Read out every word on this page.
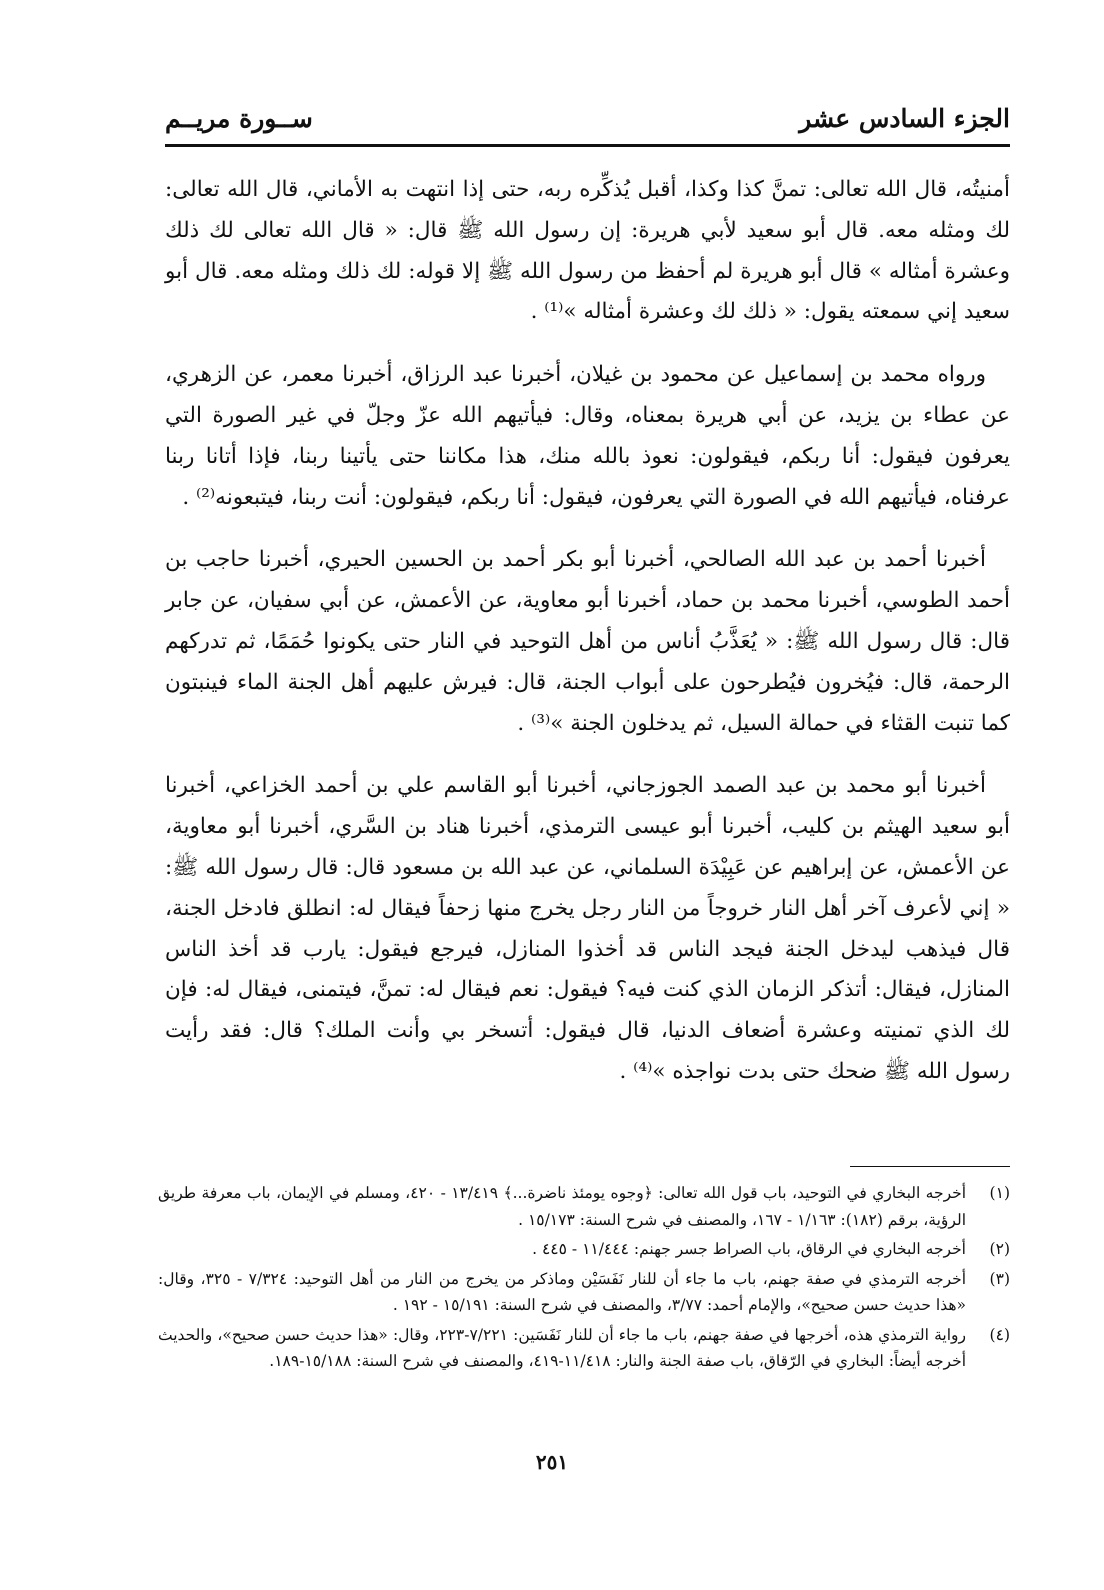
الجزء السادس عشر
ســورة مريــم

أمنيتُه، قال الله تعالى: تمنَّ كذا وكذا، أقبل يُذكِّره ربه، حتى إذا انتهت به الأماني، قال الله تعالى: لك ومثله معه. قال أبو سعيد لأبي هريرة: إن رسول الله ﷺ قال: « قال الله تعالى لك ذلك وعشرة أمثاله » قال أبو هريرة لم أحفظ من رسول الله ﷺ إلا قوله: لك ذلك ومثله معه. قال أبو سعيد إني سمعته يقول: « ذلك لك وعشرة أمثاله »⁽¹⁾ .

ورواه محمد بن إسماعيل عن محمود بن غيلان، أخبرنا عبد الرزاق، أخبرنا معمر، عن الزهري، عن عطاء بن يزيد، عن أبي هريرة بمعناه، وقال: فيأتيهم الله عزّ وجلّ في غير الصورة التي يعرفون فيقول: أنا ربكم، فيقولون: نعوذ بالله منك، هذا مكاننا حتى يأتينا ربنا، فإذا أتانا ربنا عرفناه، فيأتيهم الله في الصورة التي يعرفون، فيقول: أنا ربكم، فيقولون: أنت ربنا، فيتبعونه⁽²⁾ .

أخبرنا أحمد بن عبد الله الصالحي، أخبرنا أبو بكر أحمد بن الحسين الحيري، أخبرنا حاجب بن أحمد الطوسي، أخبرنا محمد بن حماد، أخبرنا أبو معاوية، عن الأعمش، عن أبي سفيان، عن جابر قال: قال رسول الله ﷺ: « يُعَذَّبُ أناس من أهل التوحيد في النار حتى يكونوا حُمَمًا، ثم تدركهم الرحمة، قال: فيُخرون فيُطرحون على أبواب الجنة، قال: فيرش عليهم أهل الجنة الماء فينبتون كما تنبت القثاء في حمالة السيل، ثم يدخلون الجنة »⁽³⁾ .

أخبرنا أبو محمد بن عبد الصمد الجوزجاني، أخبرنا أبو القاسم علي بن أحمد الخزاعي، أخبرنا أبو سعيد الهيثم بن كليب، أخبرنا أبو عيسى الترمذي، أخبرنا هناد بن السَّري، أخبرنا أبو معاوية، عن الأعمش، عن إبراهيم عن عَبِيْدَة السلماني، عن عبد الله بن مسعود قال: قال رسول الله ﷺ: « إني لأعرف آخر أهل النار خروجاً من النار رجل يخرج منها زحفاً فيقال له: انطلق فادخل الجنة، قال فيذهب ليدخل الجنة فيجد الناس قد أخذوا المنازل، فيرجع فيقول: يارب قد أخذ الناس المنازل، فيقال: أتذكر الزمان الذي كنت فيه؟ فيقول: نعم فيقال له: تمنَّ، فيتمنى، فيقال له: فإن لك الذي تمنيته وعشرة أضعاف الدنيا، قال فيقول: أتسخر بي وأنت الملك؟ قال: فقد رأيت رسول الله ﷺ ضحك حتى بدت نواجذه »⁽⁴⁾ .

(١)
أخرجه البخاري في التوحيد، باب قول الله تعالى: ﴿وجوه يومئذ ناضرة...﴾ ١٣/٤١٩ - ٤٢٠، ومسلم في الإيمان، باب معرفة طريق الرؤية، برقم (١٨٢): ١/١٦٣ - ١٦٧، والمصنف في شرح السنة: ١٥/١٧٣ .
(٢)
أخرجه البخاري في الرقاق، باب الصراط جسر جهنم: ١١/٤٤٤ - ٤٤٥ .
(٣)
أخرجه الترمذي في صفة جهنم، باب ما جاء أن للنار نَفَسَيْن وماذكر من يخرج من النار من أهل التوحيد: ٧/٣٢٤ - ٣٢٥، وقال: «هذا حديث حسن صحيح»، والإمام أحمد: ٣/٧٧، والمصنف في شرح السنة: ١٥/١٩١ - ١٩٢ .
(٤)
رواية الترمذي هذه، أخرجها في صفة جهنم، باب ما جاء أن للنار نَفَسَين: ٧/٢٢١-٢٢٣، وقال: «هذا حديث حسن صحيح»، والحديث أخرجه أيضاً: البخاري في الرّقاق، باب صفة الجنة والنار: ١١/٤١٨-٤١٩، والمصنف في شرح السنة: ١٥/١٨٨-١٨٩.
٢٥١
